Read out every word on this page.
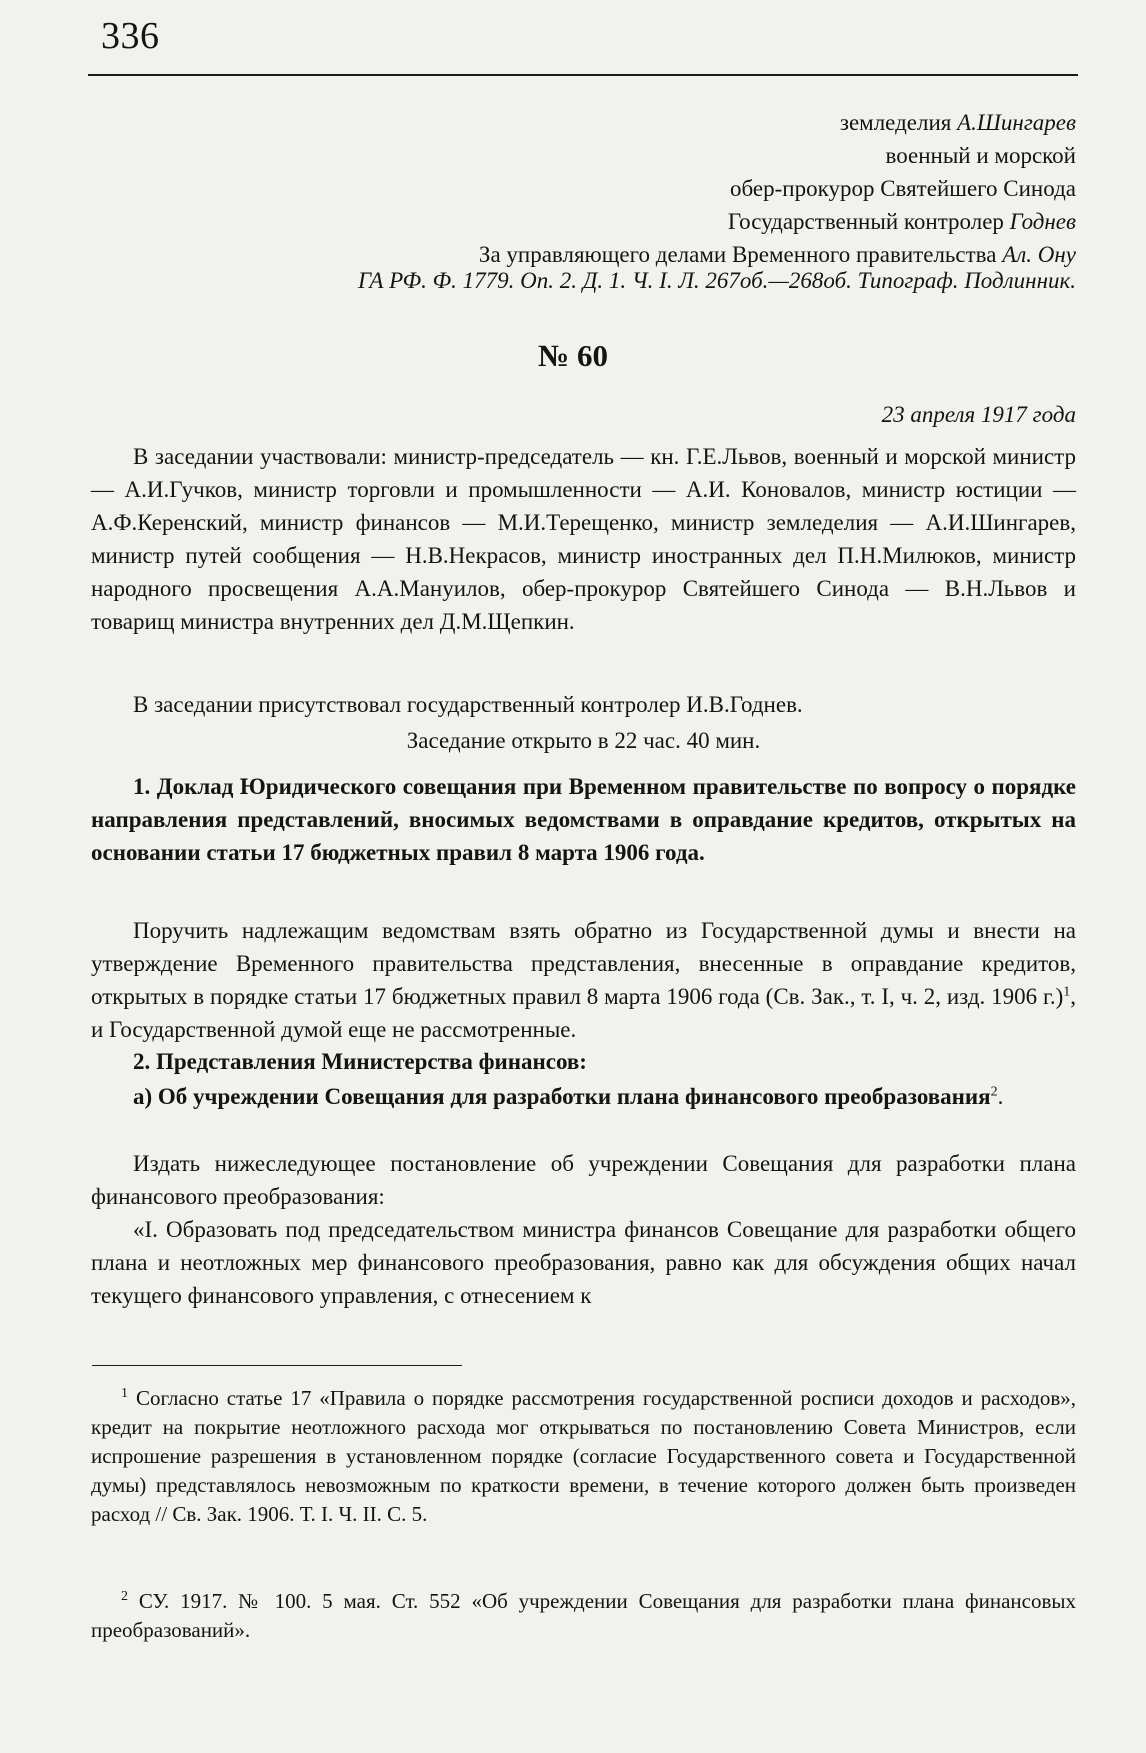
336
земледелия А.Шингарев
военный и морской
обер-прокурор Святейшего Синода
Государственный контролер Годнев
За управляющего делами Временного правительства Ал. Ону
ГА РФ. Ф. 1779. Оп. 2. Д. 1. Ч. I. Л. 267об.—268об. Типограф. Подлинник.
№ 60
23 апреля 1917 года
В заседании участвовали: министр-председатель — кн. Г.Е.Львов, военный и морской министр — А.И.Гучков, министр торговли и промышленности — А.И. Коновалов, министр юстиции — А.Ф.Керенский, министр финансов — М.И.Терещенко, министр земледелия — А.И.Шингарев, министр путей сообщения — Н.В.Некрасов, министр иностранных дел П.Н.Милюков, министр народного просвещения А.А.Мануилов, обер-прокурор Святейшего Синода — В.Н.Львов и товарищ министра внутренних дел Д.М.Щепкин.
В заседании присутствовал государственный контролер И.В.Годнев.
Заседание открыто в 22 час. 40 мин.
1. Доклад Юридического совещания при Временном правительстве по вопросу о порядке направления представлений, вносимых ведомствами в оправдание кредитов, открытых на основании статьи 17 бюджетных правил 8 марта 1906 года.
Поручить надлежащим ведомствам взять обратно из Государственной думы и внести на утверждение Временного правительства представления, внесенные в оправдание кредитов, открытых в порядке статьи 17 бюджетных правил 8 марта 1906 года (Св. Зак., т. I, ч. 2, изд. 1906 г.)$^1$, и Государственной думой еще не рассмотренные.
2. Представления Министерства финансов:
а) Об учреждении Совещания для разработки плана финансового преобразования$^2$.
Издать нижеследующее постановление об учреждении Совещания для разработки плана финансового преобразования:
«I. Образовать под председательством министра финансов Совещание для разработки общего плана и неотложных мер финансового преобразования, равно как для обсуждения общих начал текущего финансового управления, с отнесением к
$^1$ Согласно статье 17 «Правила о порядке рассмотрения государственной росписи доходов и расходов», кредит на покрытие неотложного расхода мог открываться по постановлению Совета Министров, если испрошение разрешения в установленном порядке (согласие Государственного совета и Государственной думы) представлялось невозможным по краткости времени, в течение которого должен быть произведен расход // Св. Зак. 1906. Т. I. Ч. II. С. 5.
$^2$ СУ. 1917. № 100. 5 мая. Ст. 552 «Об учреждении Совещания для разработки плана финансовых преобразований».
